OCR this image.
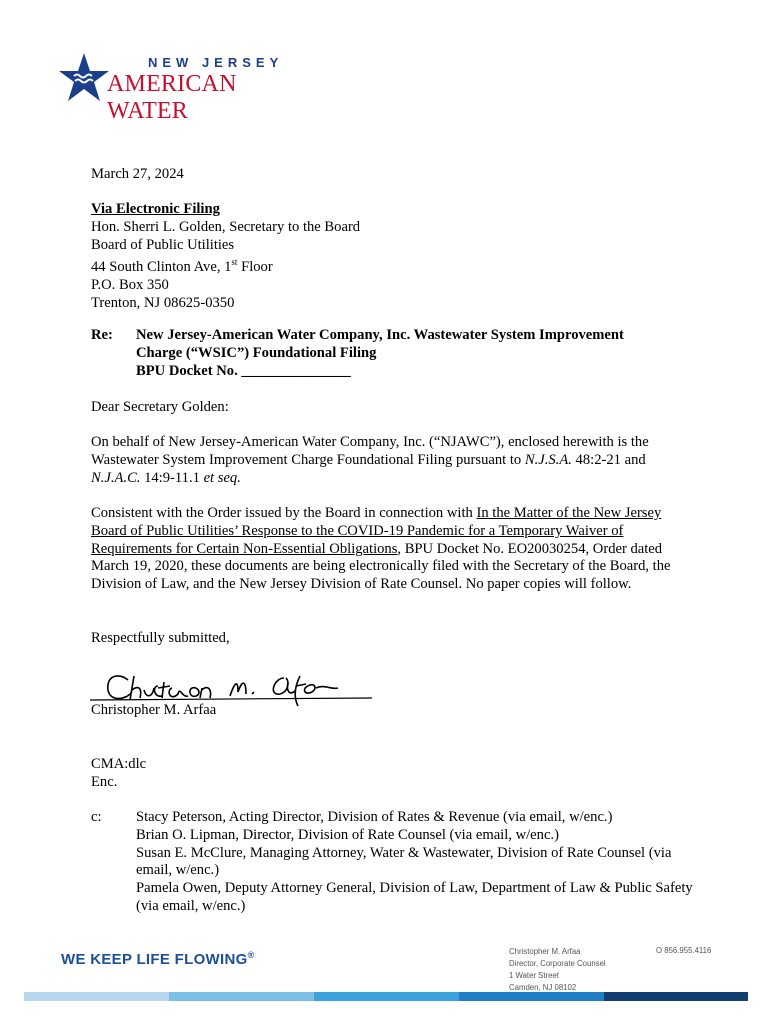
NEW JERSEY
AMERICAN WATER
March 27, 2024
Via Electronic Filing
Hon. Sherri L. Golden, Secretary to the Board
Board of Public Utilities
44 South Clinton Ave, 1st Floor
P.O. Box 350
Trenton, NJ 08625-0350
Re: New Jersey-American Water Company, Inc. Wastewater System Improvement
Charge (“WSIC”) Foundational Filing
BPU Docket No. _______________
Dear Secretary Golden:
On behalf of New Jersey-American Water Company, Inc. (“NJAWC”), enclosed herewith is the Wastewater System Improvement Charge Foundational Filing pursuant to N.J.S.A. 48:2-21 and N.J.A.C. 14:9-11.1 et seq.
Consistent with the Order issued by the Board in connection with In the Matter of the New Jersey Board of Public Utilities’ Response to the COVID-19 Pandemic for a Temporary Waiver of Requirements for Certain Non-Essential Obligations, BPU Docket No. EO20030254, Order dated March 19, 2020, these documents are being electronically filed with the Secretary of the Board, the Division of Law, and the New Jersey Division of Rate Counsel. No paper copies will follow.
Respectfully submitted,
Christopher M. Arfaa
CMA:dlc
Enc.
c: Stacy Peterson, Acting Director, Division of Rates & Revenue (via email, w/enc.)
Brian O. Lipman, Director, Division of Rate Counsel (via email, w/enc.)
Susan E. McClure, Managing Attorney, Water & Wastewater, Division of Rate Counsel (via email, w/enc.)
Pamela Owen, Deputy Attorney General, Division of Law, Department of Law & Public Safety (via email, w/enc.)
WE KEEP LIFE FLOWING®	Christopher M. Arfaa
Director, Corporate Counsel
1 Water Street
Camden, NJ 08102
O 856.955.4116
